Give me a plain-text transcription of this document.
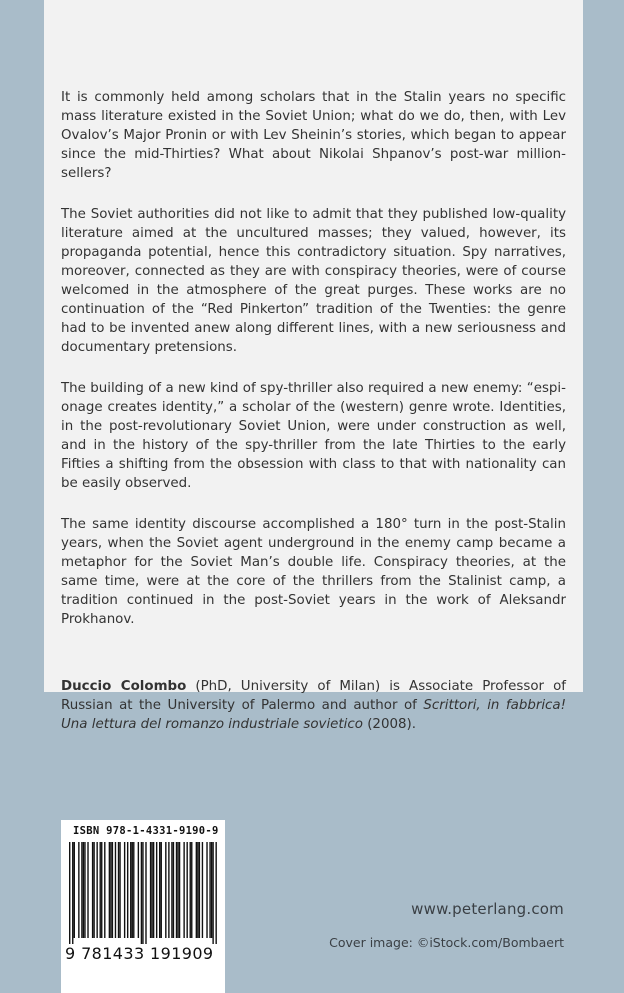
It is commonly held among scholars that in the Stalin years no specific mass literature existed in the Soviet Union; what do we do, then, with Lev Ovalov’s Major Pronin or with Lev Sheinin’s stories, which began to appear since the mid-Thirties? What about Nikolai Shpanov’s post-war million-sellers?

The Soviet authorities did not like to admit that they published low-quality literature aimed at the uncultured masses; they valued, however, its propaganda potential, hence this contradictory situation. Spy narratives, moreover, connected as they are with conspiracy theories, were of course welcomed in the atmosphere of the great purges. These works are no continuation of the “Red Pinkerton” tradition of the Twenties: the genre had to be invented anew along different lines, with a new seriousness and documentary pretensions.

The building of a new kind of spy-thriller also required a new enemy: “espionage creates identity,” a scholar of the (western) genre wrote. Identities, in the post-revolutionary Soviet Union, were under construction as well, and in the history of the spy-thriller from the late Thirties to the early Fifties a shifting from the obsession with class to that with nationality can be easily observed.

The same identity discourse accomplished a 180° turn in the post-Stalin years, when the Soviet agent underground in the enemy camp became a metaphor for the Soviet Man’s double life. Conspiracy theories, at the same time, were at the core of the thrillers from the Stalinist camp, a tradition continued in the post-Soviet years in the work of Aleksandr Prokhanov.

Duccio Colombo (PhD, University of Milan) is Associate Professor of Russian at the University of Palermo and author of Scrittori, in fabbrica! Una lettura del romanzo industriale sovietico (2008).

ISBN 978-1-4331-9190-9
9 781433 191909
www.peterlang.com
Cover image: ©iStock.com/Bombaert
